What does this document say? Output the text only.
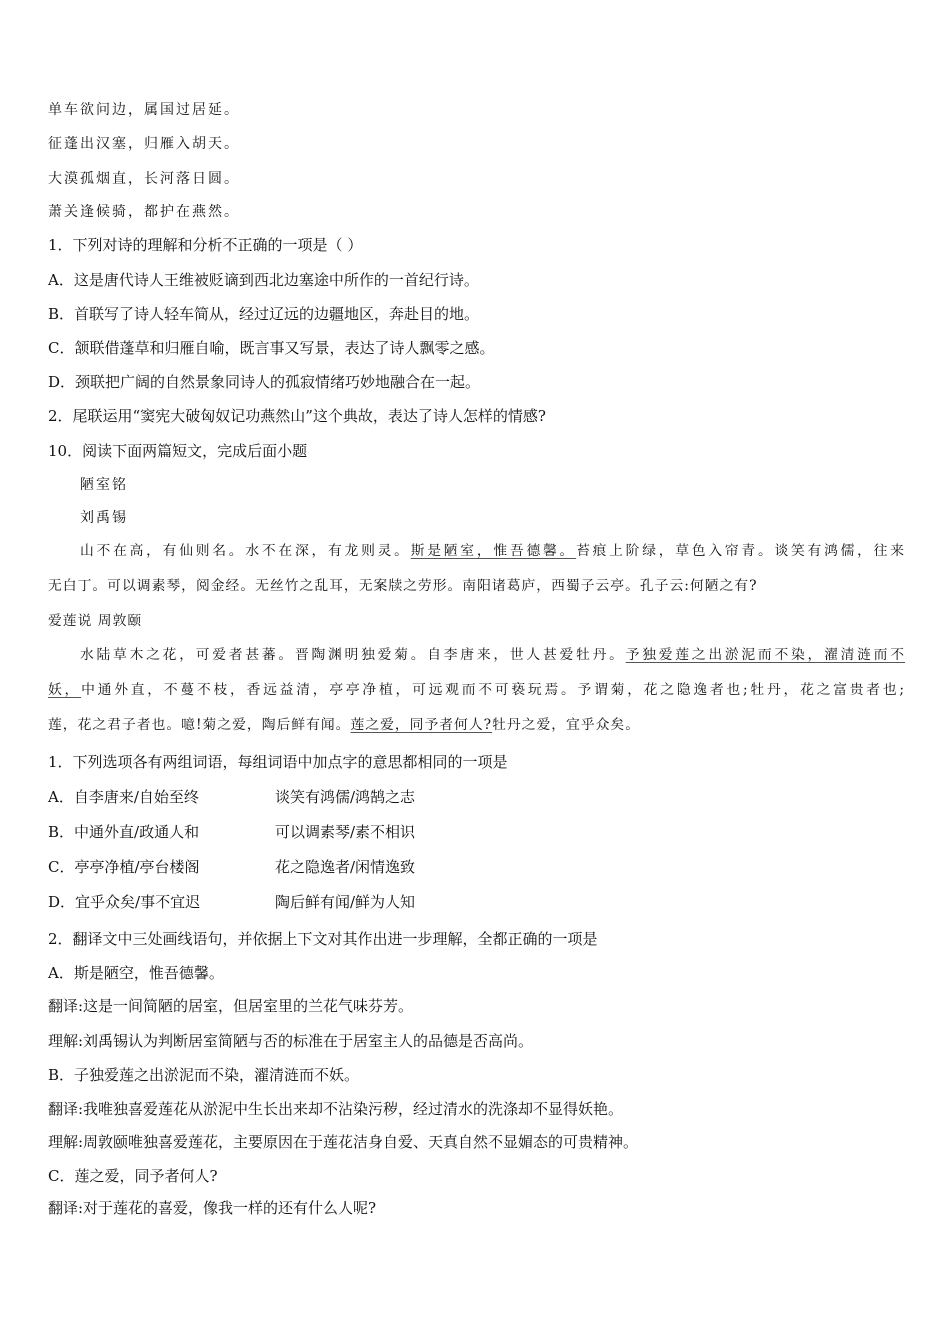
单车欲问边，属国过居延。
征蓬出汉塞，归雁入胡天。
大漠孤烟直，长河落日圆。
萧关逢候骑，都护在燕然。
1．下列对诗的理解和分析不正确的一项是（ ）
A．这是唐代诗人王维被贬谪到西北边塞途中所作的一首纪行诗。
B．首联写了诗人轻车简从，经过辽远的边疆地区，奔赴目的地。
C．颔联借蓬草和归雁自喻，既言事又写景，表达了诗人飘零之感。
D．颈联把广阔的自然景象同诗人的孤寂情绪巧妙地融合在一起。
2．尾联运用“窦宪大破匈奴记功燕然山”这个典故，表达了诗人怎样的情感?
10．阅读下面两篇短文，完成后面小题
陋室铭
刘禹锡
山不在高，有仙则名。水不在深，有龙则灵。斯是陋室，惟吾德馨。苔痕上阶绿，草色入帘青。谈笑有鸿儒，往来
无白丁。可以调素琴，阅金经。无丝竹之乱耳，无案牍之劳形。南阳诸葛庐，西蜀子云亭。孔子云:何陋之有?
爱莲说 周敦颐
水陆草木之花，可爱者甚蕃。晋陶渊明独爱菊。自李唐来，世人甚爱牡丹。予独爱莲之出淤泥而不染，濯清涟而不
妖，中通外直，不蔓不枝，香远益清，亭亭净植，可远观而不可亵玩焉。予谓菊，花之隐逸者也;牡丹，花之富贵者也;
莲，花之君子者也。噫!菊之爱，陶后鲜有闻。莲之爱，同予者何人?牡丹之爱，宜乎众矣。
1．下列选项各有两组词语，每组词语中加点字的意思都相同的一项是
A．自李唐来/自始至终	谈笑有鸿儒/鸿鹄之志
B．中通外直/政通人和	可以调素琴/素不相识
C．亭亭净植/亭台楼阁	花之隐逸者/闲情逸致
D．宜乎众矣/事不宜迟	陶后鲜有闻/鲜为人知
2．翻译文中三处画线语句，并依据上下文对其作出进一步理解，全都正确的一项是
A．斯是陋空，惟吾德馨。
翻译:这是一间简陋的居室，但居室里的兰花气味芬芳。
理解:刘禹锡认为判断居室简陋与否的标准在于居室主人的品德是否高尚。
B．子独爱莲之出淤泥而不染，濯清涟而不妖。
翻译:我唯独喜爱莲花从淤泥中生长出来却不沾染污秽，经过清水的洗涤却不显得妖艳。
理解:周敦颐唯独喜爱莲花，主要原因在于莲花洁身自爱、天真自然不显媚态的可贵精神。
C．莲之爱，同予者何人?
翻译:对于莲花的喜爱，像我一样的还有什么人呢?
